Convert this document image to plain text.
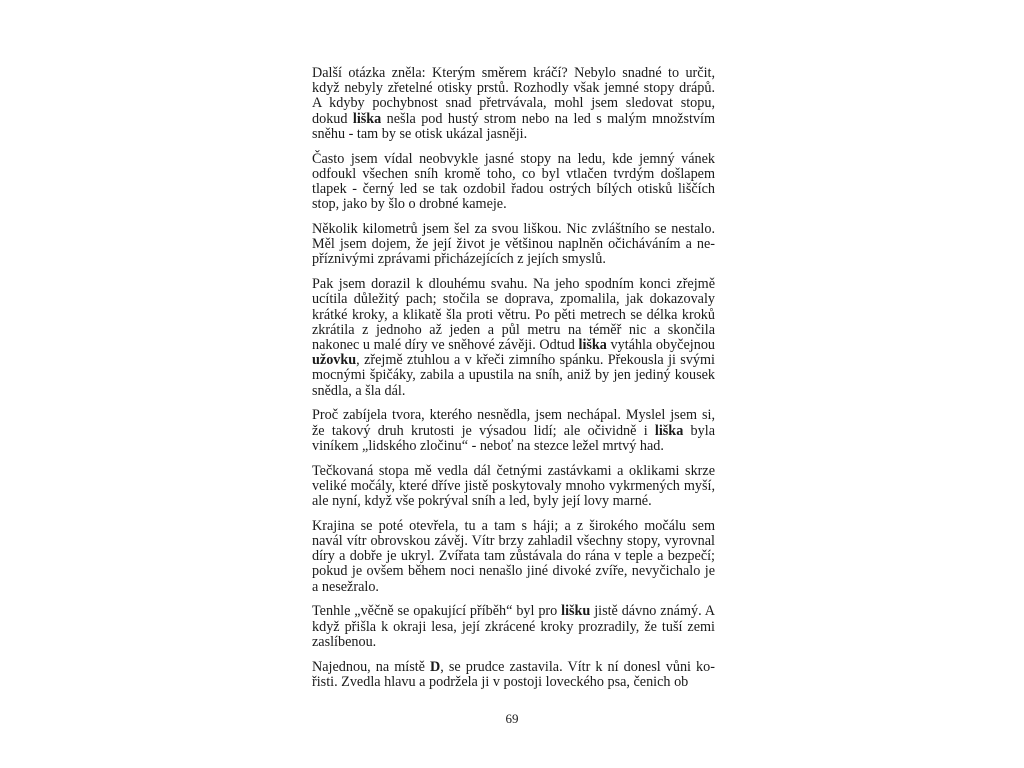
Další otázka zněla: Kterým směrem kráčí? Nebylo snadné to určit, když nebyly zřetelné otisky prstů. Rozhodly však jemné stopy drápů. A kdyby pochybnost snad přetrvávala, mohl jsem sledovat stopu, dokud liška nešla pod hustý strom nebo na led s malým množstvím sněhu - tam by se otisk ukázal jasněji.

Často jsem vídal neobvykle jasné stopy na ledu, kde jemný vánek odfoukl všechen sníh kromě toho, co byl vtlačen tvrdým došlapem tlapek - černý led se tak ozdobil řadou ostrých bílých otisků liščích stop, jako by šlo o drobné kameje.

Několik kilometrů jsem šel za svou liškou. Nic zvláštního se nestalo. Měl jsem dojem, že její život je většinou naplněn očicháváním a nepříznivými zprávami přicházejících z jejích smyslů.

Pak jsem dorazil k dlouhému svahu. Na jeho spodním konci zřejmě ucítila důležitý pach; stočila se doprava, zpomalila, jak dokazovaly krátké kroky, a klikatě šla proti větru. Po pěti metrech se délka kroků zkrátila z jednoho až jeden a půl metru na téměř nic a skončila nakonec u malé díry ve sněhové závěji. Odtud liška vytáhla obyčejnou užovku, zřejmě ztuhlou a v křeči zimního spánku. Překousla ji svými mocnými špičáky, zabila a upustila na sníh, aniž by jen jediný kousek snědla, a šla dál.

Proč zabíjela tvora, kterého nesnědla, jsem nechápal. Myslel jsem si, že takový druh krutosti je výsadou lidí; ale očividně i liška byla viníkem „lidského zločinu“ - neboť na stezce ležel mrtvý had.

Tečkovaná stopa mě vedla dál četnými zastávkami a oklikami skrze veliké močály, které dříve jistě poskytovaly mnoho vykrmených myší, ale nyní, když vše pokrýval sníh a led, byly její lovy marné.

Krajina se poté otevřela, tu a tam s háji; a z širokého močálu sem navál vítr obrovskou závěj. Vítr brzy zahladil všechny stopy, vyrovnal díry a dobře je ukryl. Zvířata tam zůstávala do rána v teple a bezpečí; pokud je ovšem během noci nenašlo jiné divoké zvíře, nevyčichalo je a nesežralo.

Tenhle „věčně se opakující příběh“ byl pro lišku jistě dávno známý. A když přišla k okraji lesa, její zkrácené kroky prozradily, že tuší zemi zaslíbenou.

Najednou, na místě D, se prudce zastavila. Vítr k ní donesl vůni kořisti. Zvedla hlavu a podržela ji v postoji loveckého psa, čenich ob

69
